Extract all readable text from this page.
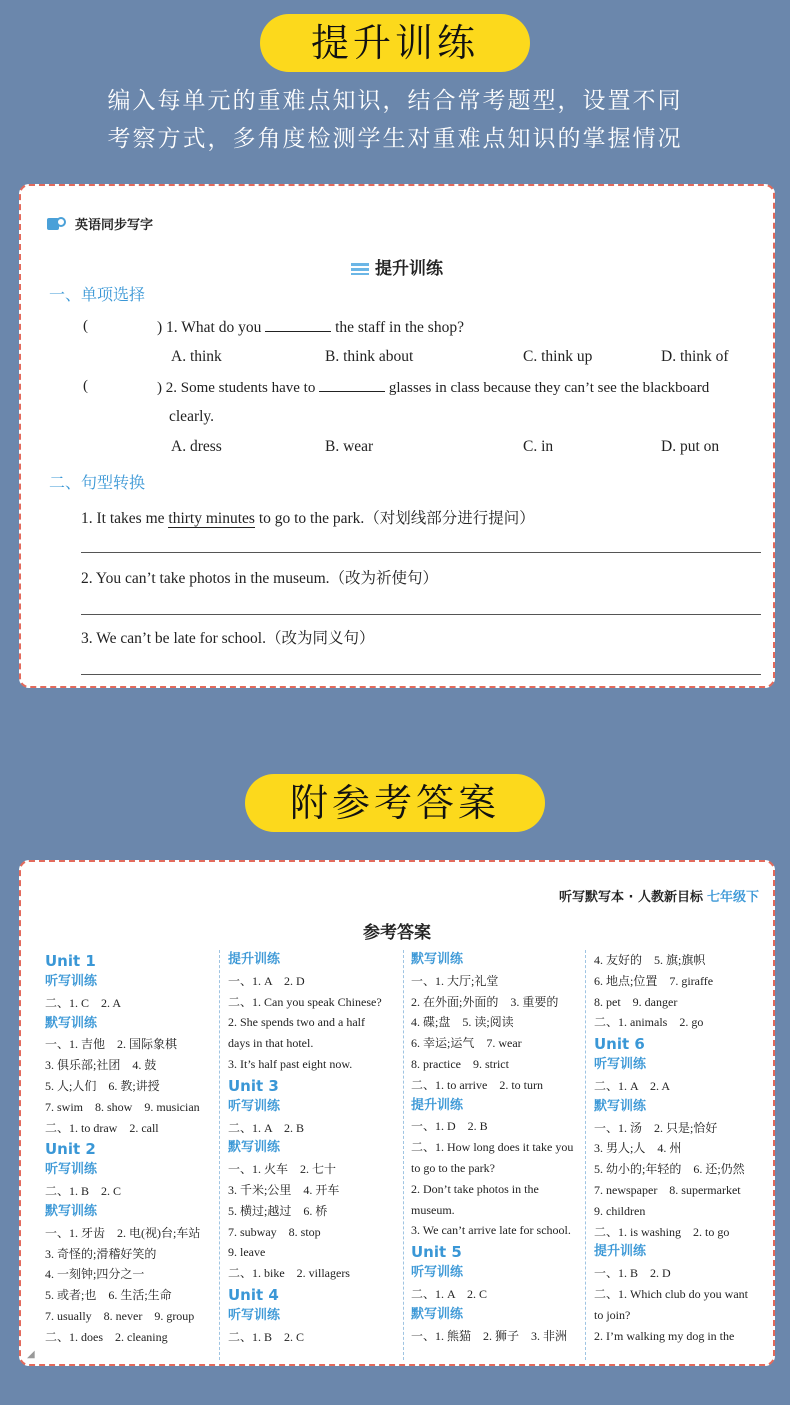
提升训练
编入每单元的重难点知识，结合常考题型，设置不同
考察方式，多角度检测学生对重难点知识的掌握情况
英语同步写字
提升训练
一、单项选择
(	) 1. What do you	the staff in the shop?
A. think	B. think about	C. think up	D. think of
(	) 2. Some students have to	glasses in class because they can’t see the blackboard
clearly.
A. dress	B. wear	C. in	D. put on
二、句型转换
1. It takes me thirty minutes to go to the park.（对划线部分进行提问）
2. You can’t take photos in the museum.（改为祈使句）
3. We can’t be late for school.（改为同义句）
附参考答案
听写默写本 · 人教新目标 七年级下
参考答案
Unit 1
听写训练
二、1. C　2. A
默写训练
一、1. 吉他　2. 国际象棋
3. 俱乐部;社团　4. 鼓
5. 人;人们　6. 教;讲授
7. swim　8. show　9. musician
二、1. to draw　2. call
Unit 2
听写训练
二、1. B　2. C
默写训练
一、1. 牙齿　2. 电(视)台;车站
3. 奇怪的;滑稽好笑的
4. 一刻钟;四分之一
5. 或者;也　6. 生活;生命
7. usually　8. never　9. group
二、1. does　2. cleaning
提升训练
一、1. A　2. D
二、1. Can you speak Chinese?
2. She spends two and a half
days in that hotel.
3. It’s half past eight now.
Unit 3
听写训练
二、1. A　2. B
默写训练
一、1. 火车　2. 七十
3. 千米;公里　4. 开车
5. 横过;越过　6. 桥
7. subway　8. stop
9. leave
二、1. bike　2. villagers
Unit 4
听写训练
二、1. B　2. C
默写训练
一、1. 大厅;礼堂
2. 在外面;外面的　3. 重要的
4. 碟;盘　5. 读;阅读
6. 幸运;运气　7. wear
8. practice　9. strict
二、1. to arrive　2. to turn
提升训练
一、1. D　2. B
二、1. How long does it take you
to go to the park?
2. Don’t take photos in the
museum.
3. We can’t arrive late for school.
Unit 5
听写训练
二、1. A　2. C
默写训练
一、1. 熊猫　2. 狮子　3. 非洲
4. 友好的　5. 旗;旗帜
6. 地点;位置　7. giraffe
8. pet　9. danger
二、1. animals　2. go
Unit 6
听写训练
二、1. A　2. A
默写训练
一、1. 汤　2. 只是;恰好
3. 男人;人　4. 州
5. 幼小的;年轻的　6. 还;仍然
7. newspaper　8. supermarket
9. children
二、1. is washing　2. to go
提升训练
一、1. B　2. D
二、1. Which club do you want
to join?
2. I’m walking my dog in the
◢
